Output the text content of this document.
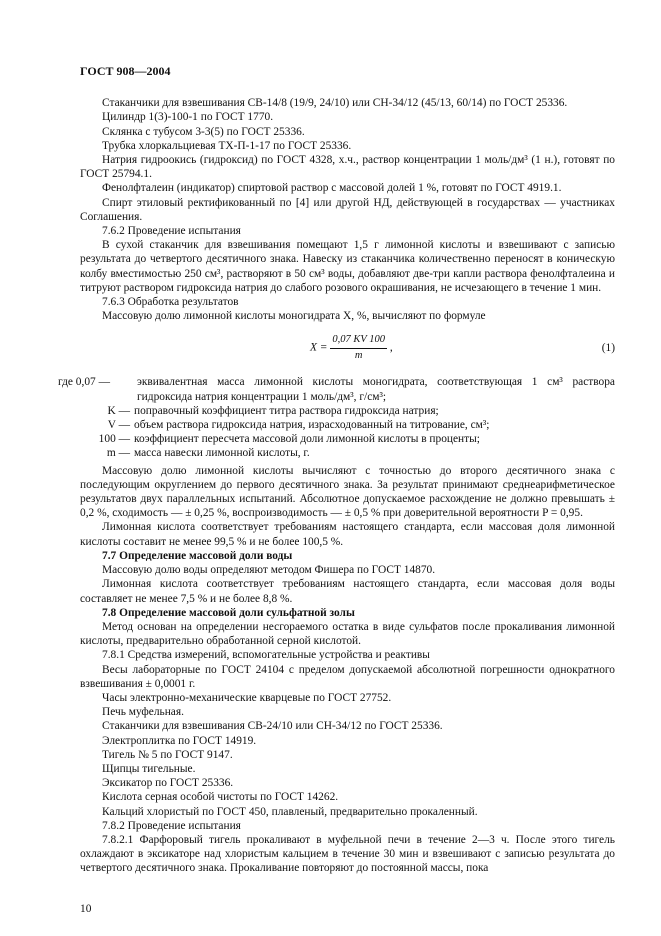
ГОСТ 908—2004

Стаканчики для взвешивания СВ-14/8 (19/9, 24/10) или СН-34/12 (45/13, 60/14) по ГОСТ 25336.

Цилиндр 1(3)-100-1 по ГОСТ 1770.

Склянка с тубусом 3-3(5) по ГОСТ 25336.

Трубка хлоркальциевая ТХ-П-1-17 по ГОСТ 25336.

Натрия гидроокись (гидроксид) по ГОСТ 4328, х.ч., раствор концентрации 1 моль/дм³ (1 н.), готовят по ГОСТ 25794.1.

Фенолфталеин (индикатор) спиртовой раствор с массовой долей 1 %, готовят по ГОСТ 4919.1.

Спирт этиловый ректификованный по [4] или другой НД, действующей в государствах — участниках Соглашения.

7.6.2 Проведение испытания

В сухой стаканчик для взвешивания помещают 1,5 г лимонной кислоты и взвешивают с записью результата до четвертого десятичного знака. Навеску из стаканчика количественно переносят в коническую колбу вместимостью 250 см³, растворяют в 50 см³ воды, добавляют две-три капли раствора фенолфталеина и титруют раствором гидроксида натрия до слабого розового окрашивания, не исчезающего в течение 1 мин.

7.6.3 Обработка результатов

Массовую долю лимонной кислоты моногидрата X, %, вычисляют по формуле

$X = \frac{0,07 KV 100}{m}$ ,	(1)
где 0,07 —	эквивалентная масса лимонной кислоты моногидрата, соответствующая 1 см³ раствора гидроксида натрия концентрации 1 моль/дм³, г/см³;
K — поправочный коэффициент титра раствора гидроксида натрия;
V — объем раствора гидроксида натрия, израсходованный на титрование, см³;
100 — коэффициент пересчета массовой доли лимонной кислоты в проценты;
m — масса навески лимонной кислоты, г.

Массовую долю лимонной кислоты вычисляют с точностью до второго десятичного знака с последующим округлением до первого десятичного знака. За результат принимают среднеарифметическое результатов двух параллельных испытаний. Абсолютное допускаемое расхождение не должно превышать ± 0,2 %, сходимость — ± 0,25 %, воспроизводимость — ± 0,5 % при доверительной вероятности P = 0,95.

Лимонная кислота соответствует требованиям настоящего стандарта, если массовая доля лимонной кислоты составит не менее 99,5 % и не более 100,5 %.

7.7 Определение массовой доли воды

Массовую долю воды определяют методом Фишера по ГОСТ 14870.

Лимонная кислота соответствует требованиям настоящего стандарта, если массовая доля воды составляет не менее 7,5 % и не более 8,8 %.

7.8 Определение массовой доли сульфатной золы

Метод основан на определении несгораемого остатка в виде сульфатов после прокаливания лимонной кислоты, предварительно обработанной серной кислотой.

7.8.1 Средства измерений, вспомогательные устройства и реактивы

Весы лабораторные по ГОСТ 24104 с пределом допускаемой абсолютной погрешности однократного взвешивания ± 0,0001 г.

Часы электронно-механические кварцевые по ГОСТ 27752.

Печь муфельная.

Стаканчики для взвешивания СВ-24/10 или СН-34/12 по ГОСТ 25336.

Электроплитка по ГОСТ 14919.

Тигель № 5 по ГОСТ 9147.

Щипцы тигельные.

Эксикатор по ГОСТ 25336.

Кислота серная особой чистоты по ГОСТ 14262.

Кальций хлористый по ГОСТ 450, плавленый, предварительно прокаленный.

7.8.2 Проведение испытания

7.8.2.1 Фарфоровый тигель прокаливают в муфельной печи в течение 2—3 ч. После этого тигель охлаждают в эксикаторе над хлористым кальцием в течение 30 мин и взвешивают с записью результата до четвертого десятичного знака. Прокаливание повторяют до постоянной массы, пока

10
